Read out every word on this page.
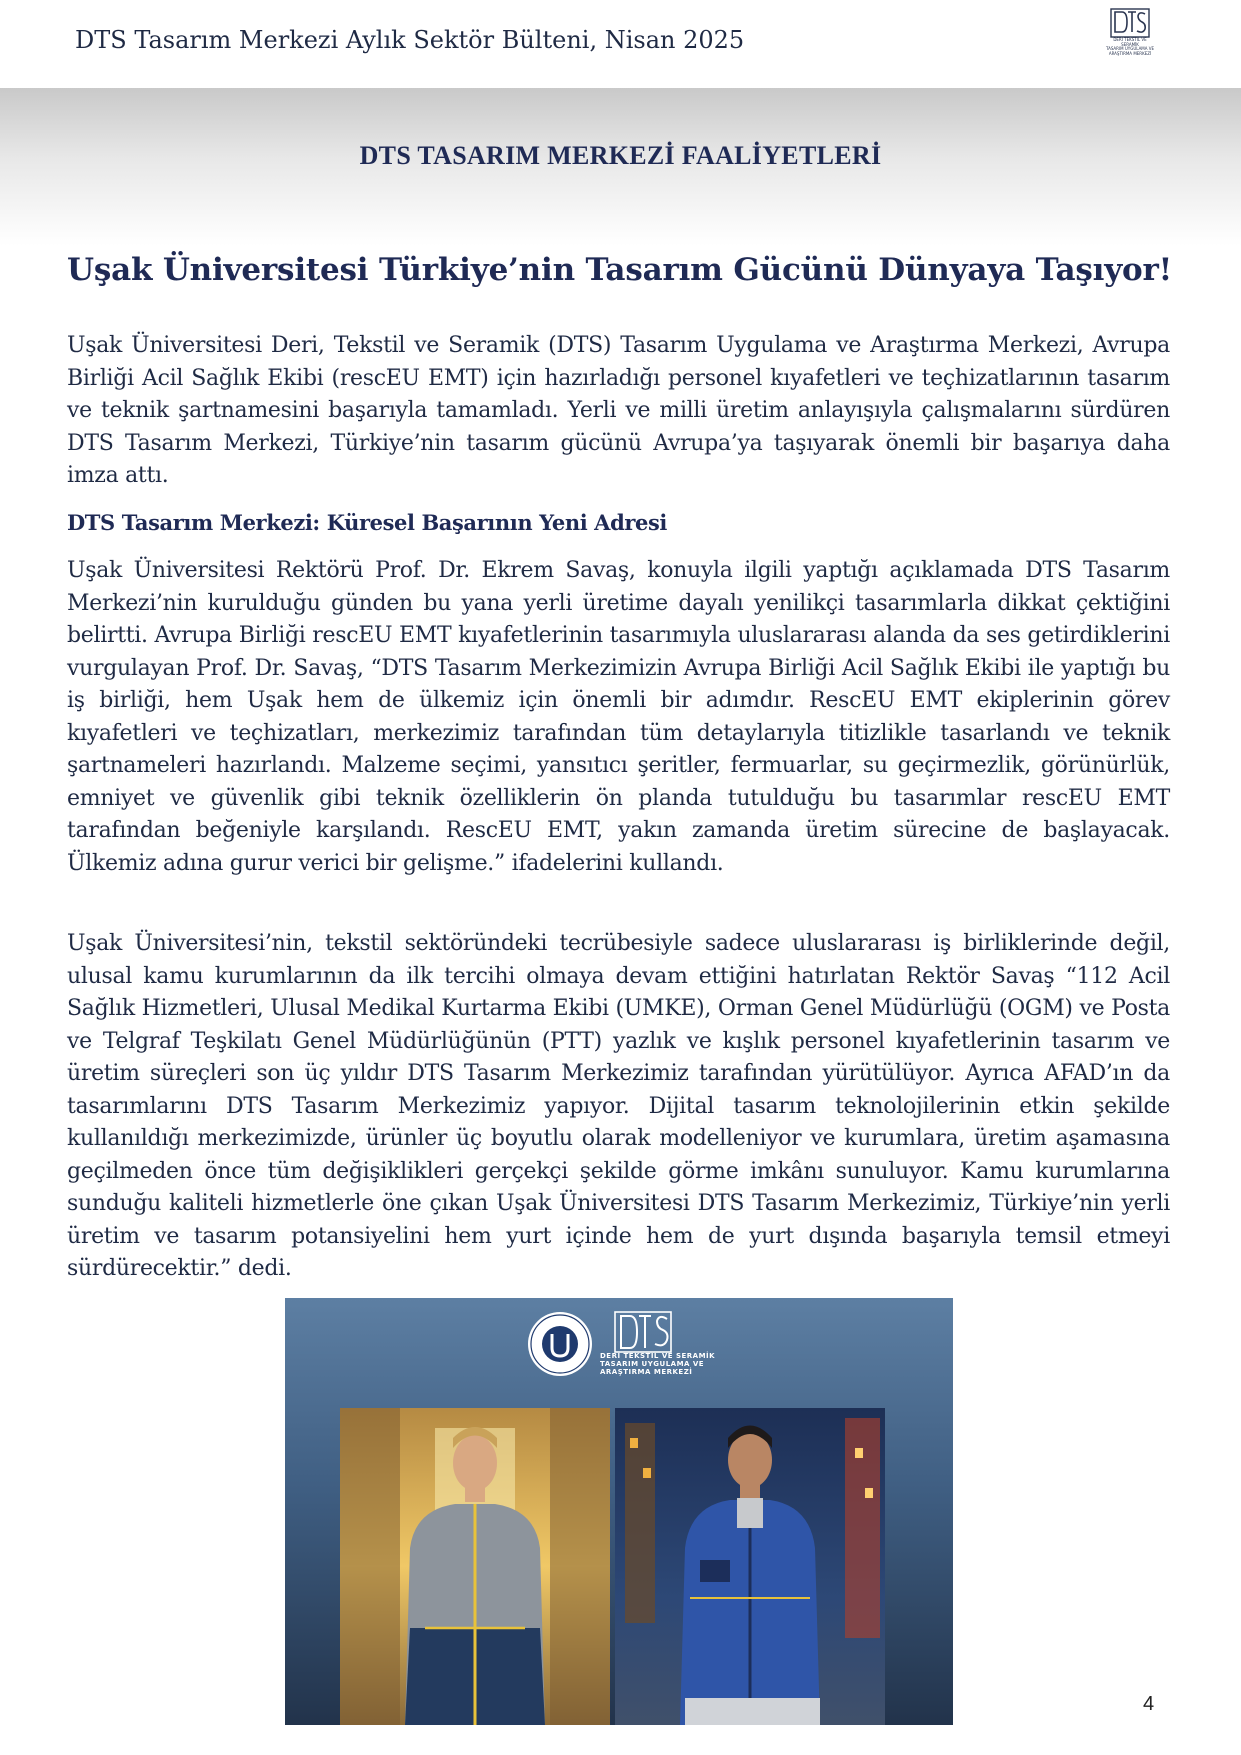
DTS Tasarım Merkezi Aylık Sektör Bülteni, Nisan 2025	DERİ TEKSTİL VE SERAMİK
TASARIM UYGULAMA VE
ARAŞTIRMA MERKEZİ
DTS TASARIM MERKEZİ FAALİYETLERİ
Uşak Üniversitesi Türkiye’nin Tasarım Gücünü Dünyaya Taşıyor!

Uşak Üniversitesi Deri, Tekstil ve Seramik (DTS) Tasarım Uygulama ve Araştırma Merkezi, Avrupa Birliği Acil Sağlık Ekibi (rescEU EMT) için hazırladığı personel kıyafetleri ve teçhizatlarının tasarım ve teknik şartnamesini başarıyla tamamladı. Yerli ve milli üretim anlayışıyla çalışmalarını sürdüren DTS Tasarım Merkezi, Türkiye’nin tasarım gücünü Avrupa’ya taşıyarak önemli bir başarıya daha imza attı.

DTS Tasarım Merkezi: Küresel Başarının Yeni Adresi

Uşak Üniversitesi Rektörü Prof. Dr. Ekrem Savaş, konuyla ilgili yaptığı açıklamada DTS Tasarım Merkezi’nin kurulduğu günden bu yana yerli üretime dayalı yenilikçi tasarımlarla dikkat çektiğini belirtti. Avrupa Birliği rescEU EMT kıyafetlerinin tasarımıyla uluslararası alanda da ses getirdiklerini vurgulayan Prof. Dr. Savaş, “DTS Tasarım Merkezimizin Avrupa Birliği Acil Sağlık Ekibi ile yaptığı bu iş birliği, hem Uşak hem de ülkemiz için önemli bir adımdır. RescEU EMT ekiplerinin görev kıyafetleri ve teçhizatları, merkezimiz tarafından tüm detaylarıyla titizlikle tasarlandı ve teknik şartnameleri hazırlandı. Malzeme seçimi, yansıtıcı şeritler, fermuarlar, su geçirmezlik, görünürlük, emniyet ve güvenlik gibi teknik özelliklerin ön planda tutulduğu bu tasarımlar rescEU EMT tarafından beğeniyle karşılandı. RescEU EMT, yakın zamanda üretim sürecine de başlayacak. Ülkemiz adına gurur verici bir gelişme.” ifadelerini kullandı.

Uşak Üniversitesi’nin, tekstil sektöründeki tecrübesiyle sadece uluslararası iş birliklerinde değil, ulusal kamu kurumlarının da ilk tercihi olmaya devam ettiğini hatırlatan Rektör Savaş “112 Acil Sağlık Hizmetleri, Ulusal Medikal Kurtarma Ekibi (UMKE), Orman Genel Müdürlüğü (OGM) ve Posta ve Telgraf Teşkilatı Genel Müdürlüğünün (PTT) yazlık ve kışlık personel kıyafetlerinin tasarım ve üretim süreçleri son üç yıldır DTS Tasarım Merkezimiz tarafından yürütülüyor. Ayrıca AFAD’ın da tasarımlarını DTS Tasarım Merkezimiz yapıyor. Dijital tasarım teknolojilerinin etkin şekilde kullanıldığı merkezimizde, ürünler üç boyutlu olarak modelleniyor ve kurumlara, üretim aşamasına geçilmeden önce tüm değişiklikleri gerçekçi şekilde görme imkânı sunuluyor. Kamu kurumlarına sunduğu kaliteli hizmetlerle öne çıkan Uşak Üniversitesi DTS Tasarım Merkezimiz, Türkiye’nin yerli üretim ve tasarım potansiyelini hem yurt içinde hem de yurt dışında başarıyla temsil etmeyi sürdürecektir.” dedi.

DERİ TEKSTİL VE SERAMİK
TASARIM UYGULAMA VE
ARAŞTIRMA MERKEZİ
4
